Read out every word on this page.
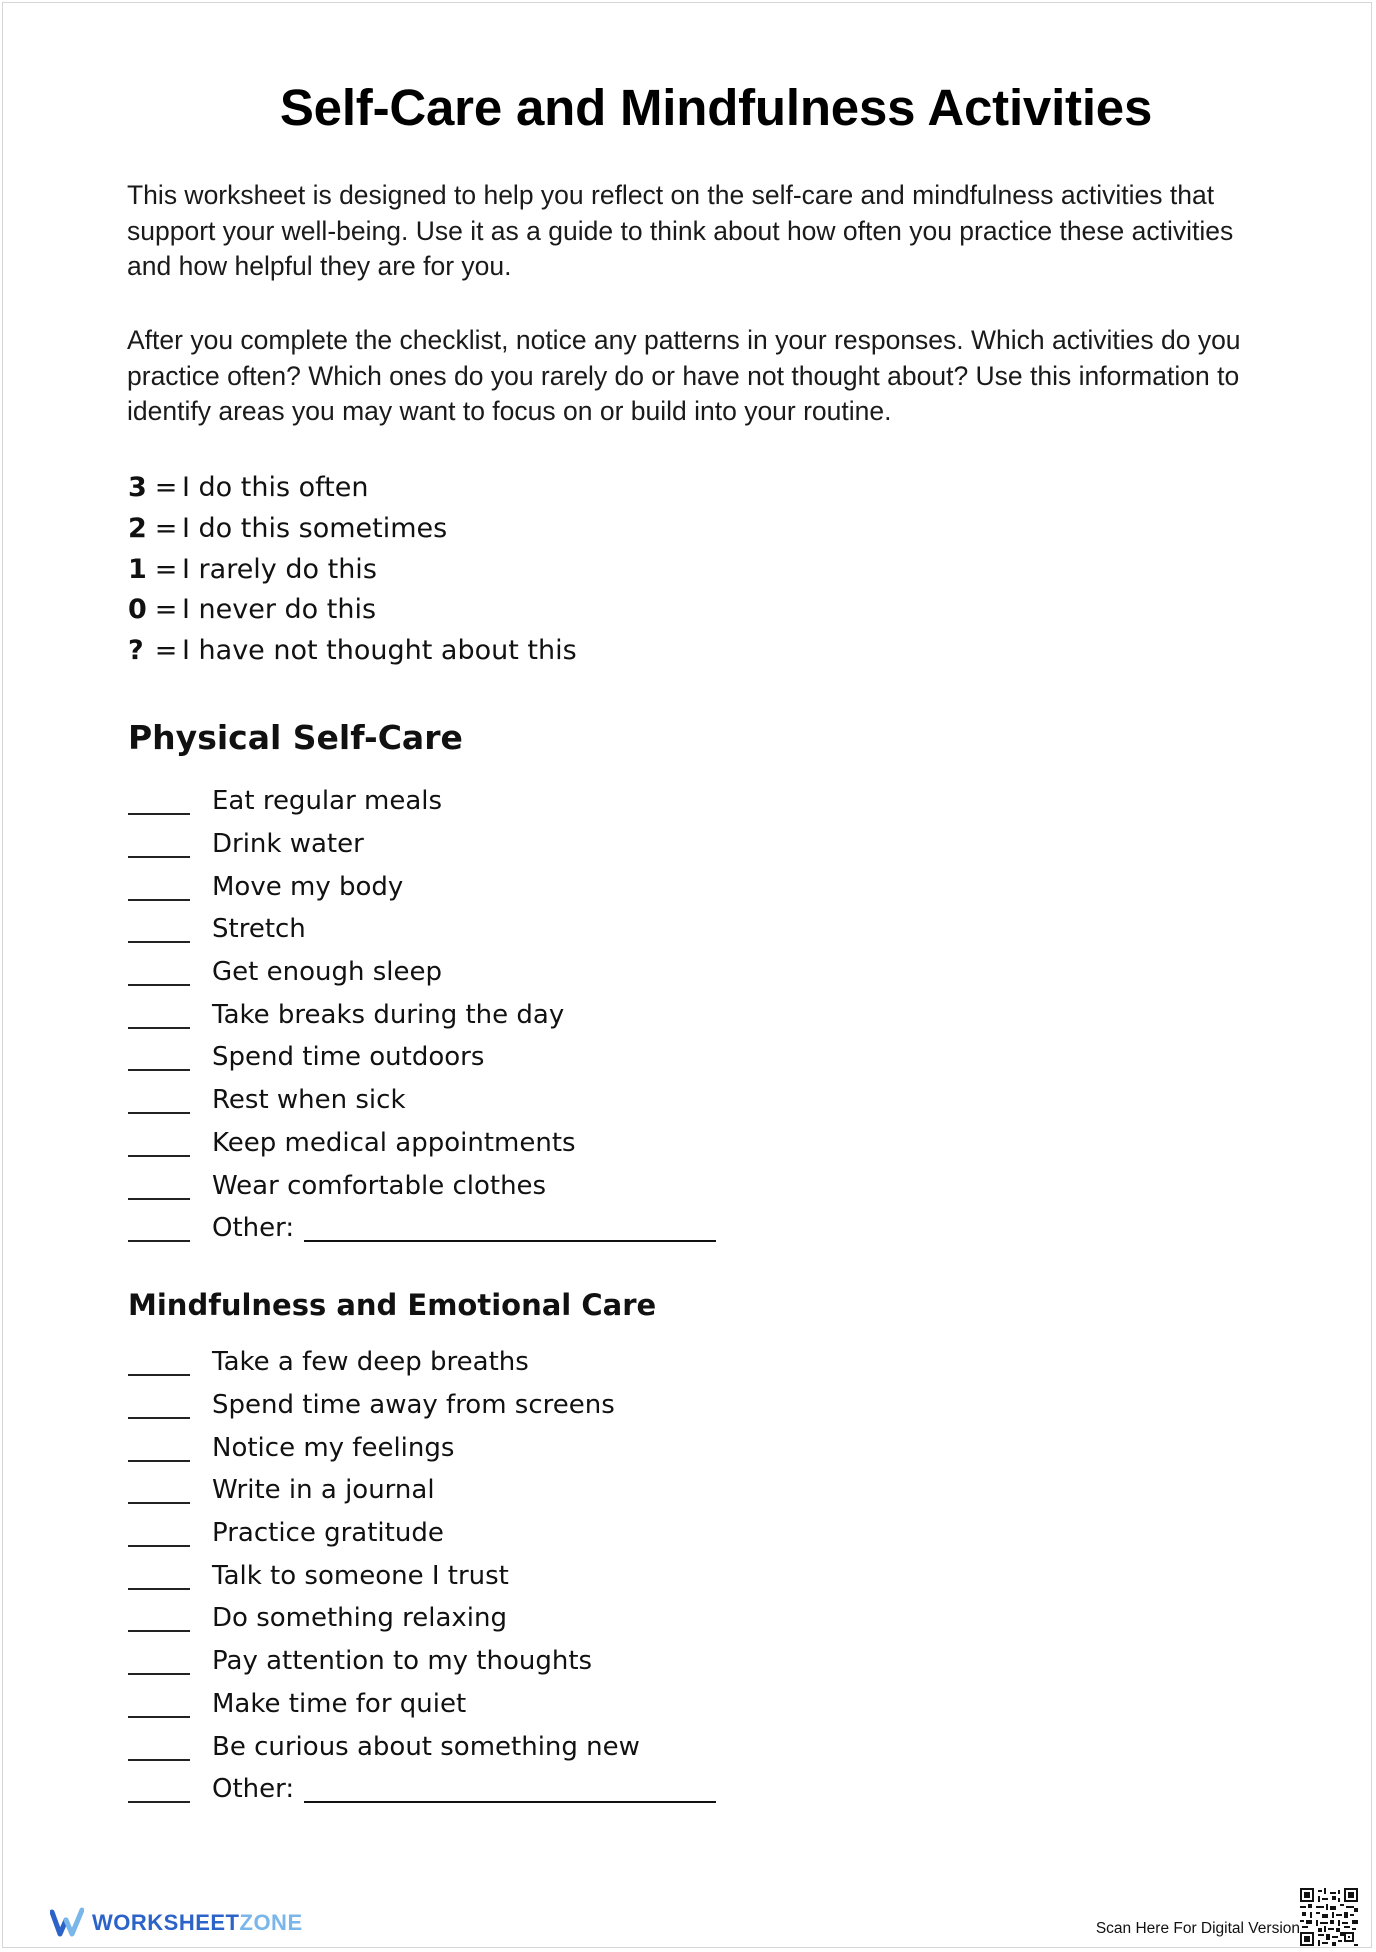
Self-Care and Mindfulness Activities

This worksheet is designed to help you reflect on the self-care and mindfulness activities that support your well-being. Use it as a guide to think about how often you practice these activities and how helpful they are for you.

After you complete the checklist, notice any patterns in your responses. Which activities do you practice often? Which ones do you rarely do or have not thought about? Use this information to identify areas you may want to focus on or build into your routine.

3 = I do this often
2 = I do this sometimes
1 = I rarely do this
0 = I never do this
? = I have not thought about this
Physical Self-Care
Eat regular meals
Drink water
Move my body
Stretch
Get enough sleep
Take breaks during the day
Spend time outdoors
Rest when sick
Keep medical appointments
Wear comfortable clothes
Other:
Mindfulness and Emotional Care
Take a few deep breaths
Spend time away from screens
Notice my feelings
Write in a journal
Practice gratitude
Talk to someone I trust
Do something relaxing
Pay attention to my thoughts
Make time for quiet
Be curious about something new
Other:
WORKSHEETZONE	Scan Here For Digital Version
